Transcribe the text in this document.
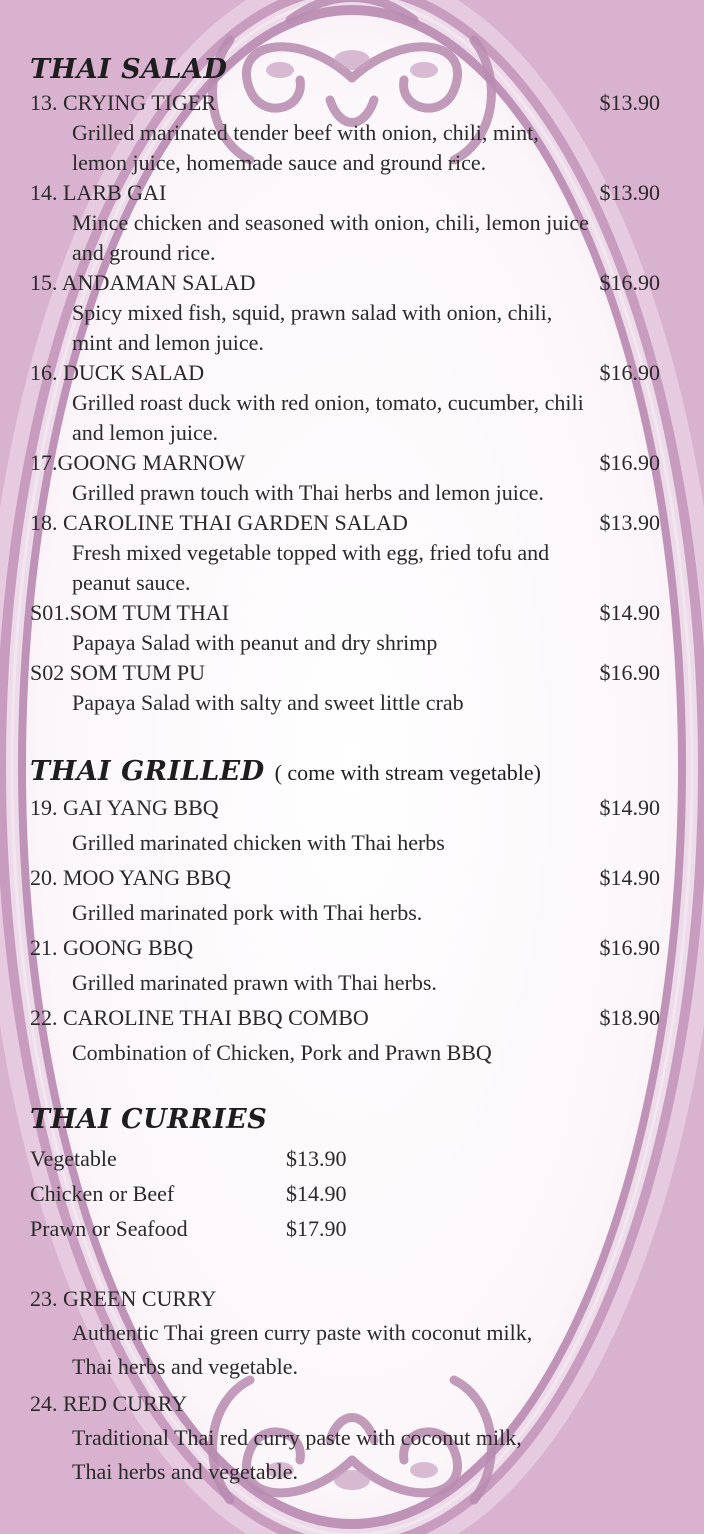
THAI SALAD
13. CRYING TIGER	$13.90
Grilled marinated tender beef with onion, chili, mint,
lemon juice, homemade sauce and ground rice.
14. LARB GAI	$13.90
Mince chicken and seasoned with onion, chili, lemon juice
and ground rice.
15. ANDAMAN SALAD	$16.90
Spicy mixed fish, squid, prawn salad with onion, chili,
mint and lemon juice.
16. DUCK SALAD	$16.90
Grilled roast duck with red onion, tomato, cucumber, chili
and lemon juice.
17.GOONG MARNOW	$16.90
Grilled prawn touch with Thai herbs and lemon juice.
18. CAROLINE THAI GARDEN SALAD	$13.90
Fresh mixed vegetable topped with egg, fried tofu and
peanut sauce.
S01.SOM TUM THAI	$14.90
Papaya Salad with peanut and dry shrimp
S02 SOM TUM PU	$16.90
Papaya Salad with salty and sweet little crab
THAI GRILLED ( come with stream vegetable)
19. GAI YANG BBQ	$14.90
Grilled marinated chicken with Thai herbs
20. MOO YANG BBQ	$14.90
Grilled marinated pork with Thai herbs.
21. GOONG BBQ	$16.90
Grilled marinated prawn with Thai herbs.
22. CAROLINE THAI BBQ COMBO	$18.90
Combination of Chicken, Pork and Prawn BBQ
THAI CURRIES
Vegetable	$13.90
Chicken or Beef	$14.90
Prawn or Seafood	$17.90
23. GREEN CURRY
Authentic Thai green curry paste with coconut milk,
Thai herbs and vegetable.
24. RED CURRY
Traditional Thai red curry paste with coconut milk,
Thai herbs and vegetable.
